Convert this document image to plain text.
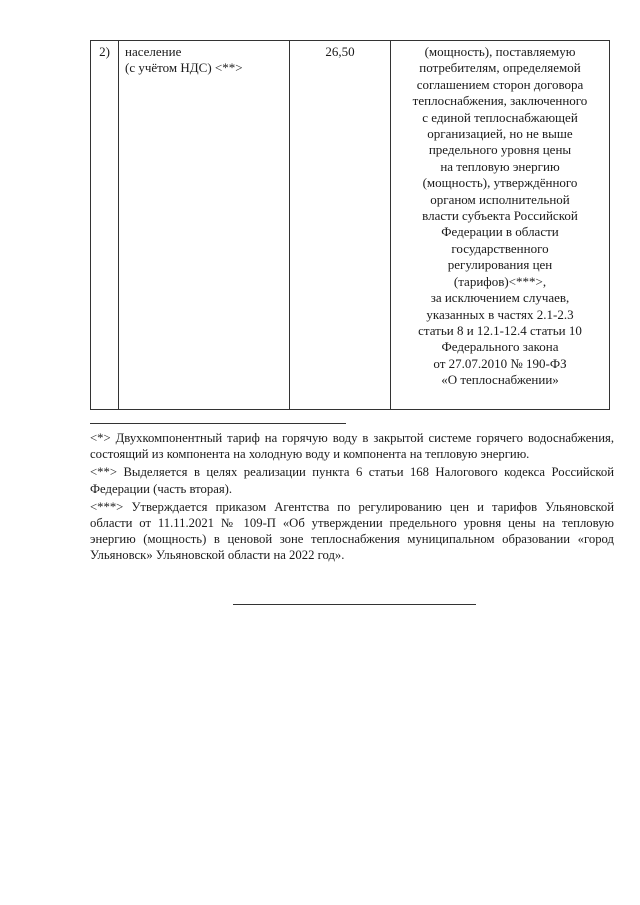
2)	население
(с учётом НДС) <**>
	26,50	(мощность), поставляемую
потребителям, определяемой
соглашением сторон договора
теплоснабжения, заключенного
с единой теплоснабжающей
организацией, но не выше
предельного уровня цены
на тепловую энергию
(мощность), утверждённого
органом исполнительной
власти субъекта Российской
Федерации в области
государственного
регулирования цен
(тарифов)<***>,
за исключением случаев,
указанных в частях 2.1-2.3
статьи 8 и 12.1-12.4 статьи 10
Федерального закона
от 27.07.2010 № 190-ФЗ
«О теплоснабжении»

<*> Двухкомпонентный тариф на горячую воду в закрытой системе горячего водоснабжения, состоящий из компонента на холодную воду и компонента на тепловую энергию.

<**> Выделяется в целях реализации пункта 6 статьи 168 Налогового кодекса Российской Федерации (часть вторая).

<***> Утверждается приказом Агентства по регулированию цен и тарифов Ульяновской области от 11.11.2021 № 109-П «Об утверждении предельного уровня цены на тепловую энергию (мощность) в ценовой зоне теплоснабжения муниципальном образовании «город Ульяновск» Ульяновской области на 2022 год».
